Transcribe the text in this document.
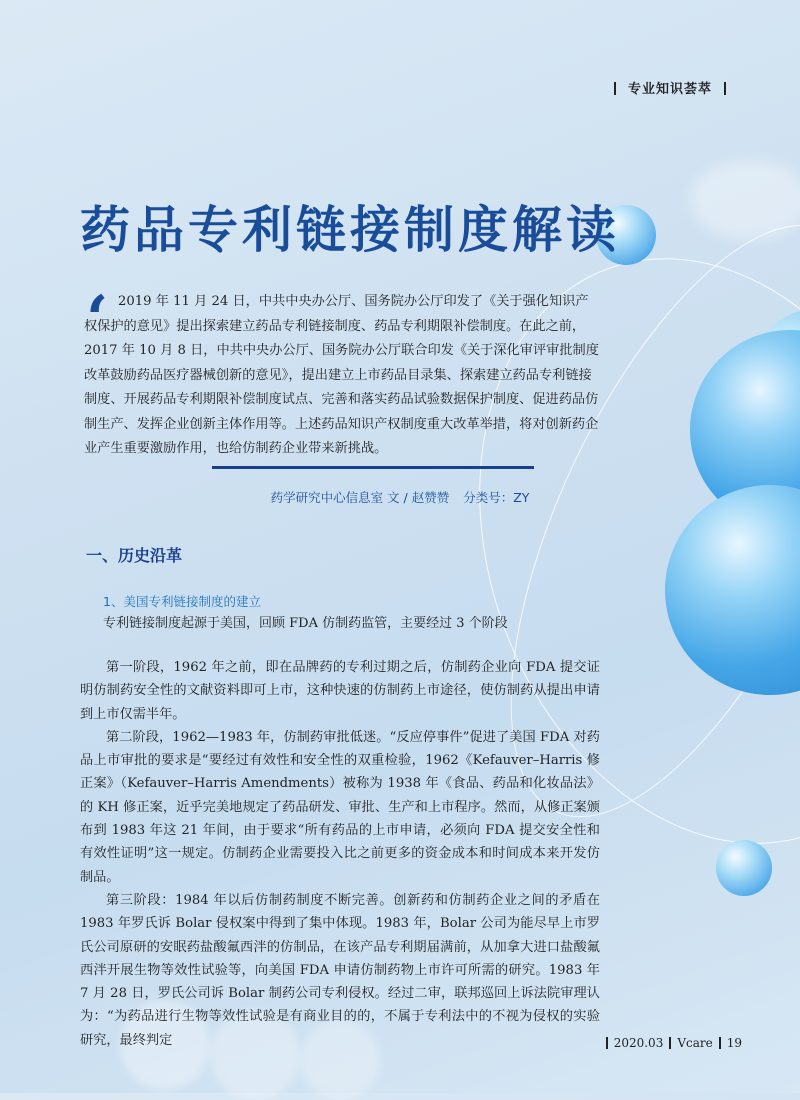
专业知识荟萃
药品专利链接制度解读
‘ 2019 年 11 月 24 日，中共中央办公厅、国务院办公厅印发了《关于强化知识产权保护的意见》提出探索建立药品专利链接制度、药品专利期限补偿制度。在此之前，2017 年 10 月 8 日，中共中央办公厅、国务院办公厅联合印发《关于深化审评审批制度改革鼓励药品医疗器械创新的意见》，提出建立上市药品目录集、探索建立药品专利链接制度、开展药品专利期限补偿制度试点、完善和落实药品试验数据保护制度、促进药品仿制生产、发挥企业创新主体作用等。上述药品知识产权制度重大改革举措，将对创新药企业产生重要激励作用，也给仿制药企业带来新挑战。
药学研究中心信息室 文 / 赵赞赞 分类号：ZY
一、历史沿革
1、美国专利链接制度的建立
专利链接制度起源于美国，回顾 FDA 仿制药监管，主要经过 3 个阶段

第一阶段，1962 年之前，即在品牌药的专利过期之后，仿制药企业向 FDA 提交证明仿制药安全性的文献资料即可上市，这种快速的仿制药上市途径，使仿制药从提出申请到上市仅需半年。

第二阶段，1962—1983 年，仿制药审批低迷。“反应停事件”促进了美国 FDA 对药品上市审批的要求是“要经过有效性和安全性的双重检验，1962《Kefauver–Harris 修正案》（Kefauver–Harris Amendments）被称为 1938 年《食品、药品和化妆品法》的 KH 修正案，近乎完美地规定了药品研发、审批、生产和上市程序。然而，从修正案颁布到 1983 年这 21 年间，由于要求“所有药品的上市申请，必须向 FDA 提交安全性和有效性证明”这一规定。仿制药企业需要投入比之前更多的资金成本和时间成本来开发仿制品。

第三阶段：1984 年以后仿制药制度不断完善。创新药和仿制药企业之间的矛盾在 1983 年罗氏诉 Bolar 侵权案中得到了集中体现。1983 年，Bolar 公司为能尽早上市罗氏公司原研的安眠药盐酸氟西泮的仿制品，在该产品专利期届满前，从加拿大进口盐酸氟西泮开展生物等效性试验等，向美国 FDA 申请仿制药物上市许可所需的研究。1983 年 7 月 28 日，罗氏公司诉 Bolar 制药公司专利侵权。经过二审，联邦巡回上诉法院审理认为：“为药品进行生物等效性试验是有商业目的的，不属于专利法中的不视为侵权的实验研究，最终判定	2020.03 Vcare 19
